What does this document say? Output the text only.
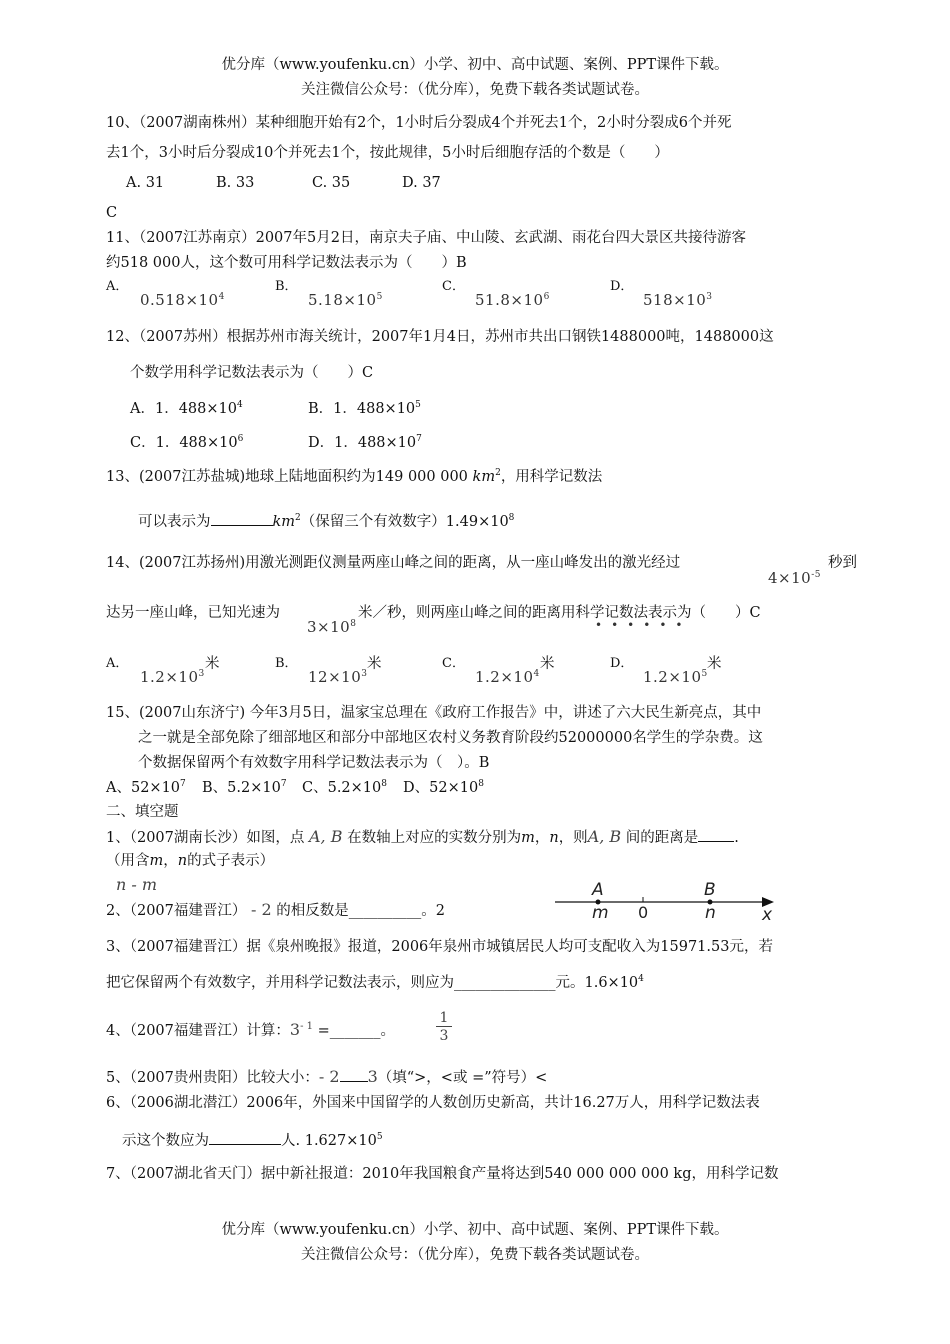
优分库（www.youfenku.cn）小学、初中、高中试题、案例、PPT课件下载。
关注微信公众号：（优分库），免费下载各类试题试卷。
10、（2007湖南株州）某种细胞开始有2个，1小时后分裂成4个并死去1个，2小时分裂成6个并死
去1个，3小时后分裂成10个并死去1个，按此规律，5小时后细胞存活的个数是（　　）
A. 31	B. 33	C. 35	D. 37
C
11、（2007江苏南京）2007年5月2日，南京夫子庙、中山陵、玄武湖、雨花台四大景区共接待游客
约518 000人，这个数可用科学记数法表示为（　　）B
A．
$0.518\times 10^4$
B．
$5.18\times 10^5$
C．
$51.8\times 10^6$
D．
$518\times 10^3$
12、（2007苏州）根据苏州市海关统计，2007年1月4日，苏州市共出口钢铁1488000吨，1488000这
个数学用科学记数法表示为（　　）C
A．1．$488\times 10^4$	B．1．$488\times 10^5$
C．1．$488\times 10^6$	D．1．$488\times 10^7$
13、(2007江苏盐城)地球上陆地面积约为149 000 000 $km^2$，用科学记数法
可以表示为	$km^2$（保留三个有效数字）$1.49\times 10^8$
14、(2007江苏扬州)用激光测距仪测量两座山峰之间的距离，从一座山峰发出的激光经过
$4\times 10^{-5}$
秒到
达另一座山峰，已知光速为
$3\times 10^8$
米／秒，则两座山峰之间的距离用科学记数法表示为（　　）C
••••••
A．
$1.2\times 10^3$
米	B．
$12\times 10^3$
米	C．
$1.2\times 10^4$
米	D．
$1.2\times 10^5$
米
15、(2007山东济宁) 今年3月5日，温家宝总理在《政府工作报告》中，讲述了六大民生新亮点，其中
之一就是全部免除了细部地区和部分中部地区农村义务教育阶段约52000000名学生的学杂费。这
个数据保留两个有效数字用科学记数法表示为（　）。B
A、$52\times 10^7$ B、$5.2\times 10^7$ C、$5.2\times 10^8$ D、$52\times 10^8$
二、填空题
1、（2007湖南长沙）如图，点 A, B 在数轴上对应的实数分别为m，n，则A, B 间的距离是 .
（用含m，n的式子表示）
n - m	A	B
m 0	n	x
2、（2007福建晋江） - 2 的相反数是__________。2
3、（2007福建晋江）据《泉州晚报》报道，2006年泉州市城镇居民人均可支配收入为15971.53元，若
把它保留两个有效数字，并用科学记数法表示，则应为______________元。$1.6\times 10^4$
4、（2007福建晋江）计算：$3^{- 1}$ =_______。	$\frac{1}{3}$
5、（2007贵州贵阳）比较大小：- 2 3（填“>，<或 =”符号）<
6、（2006湖北潜江）2006年，外国来中国留学的人数创历史新高，共计16.27万人，用科学记数法表
示这个数应为	人. $1.627\times 10^5$
7、（2007湖北省天门）据中新社报道：2010年我国粮食产量将达到540 000 000 000 kg，用科学记数
优分库（www.youfenku.cn）小学、初中、高中试题、案例、PPT课件下载。
关注微信公众号：（优分库），免费下载各类试题试卷。
